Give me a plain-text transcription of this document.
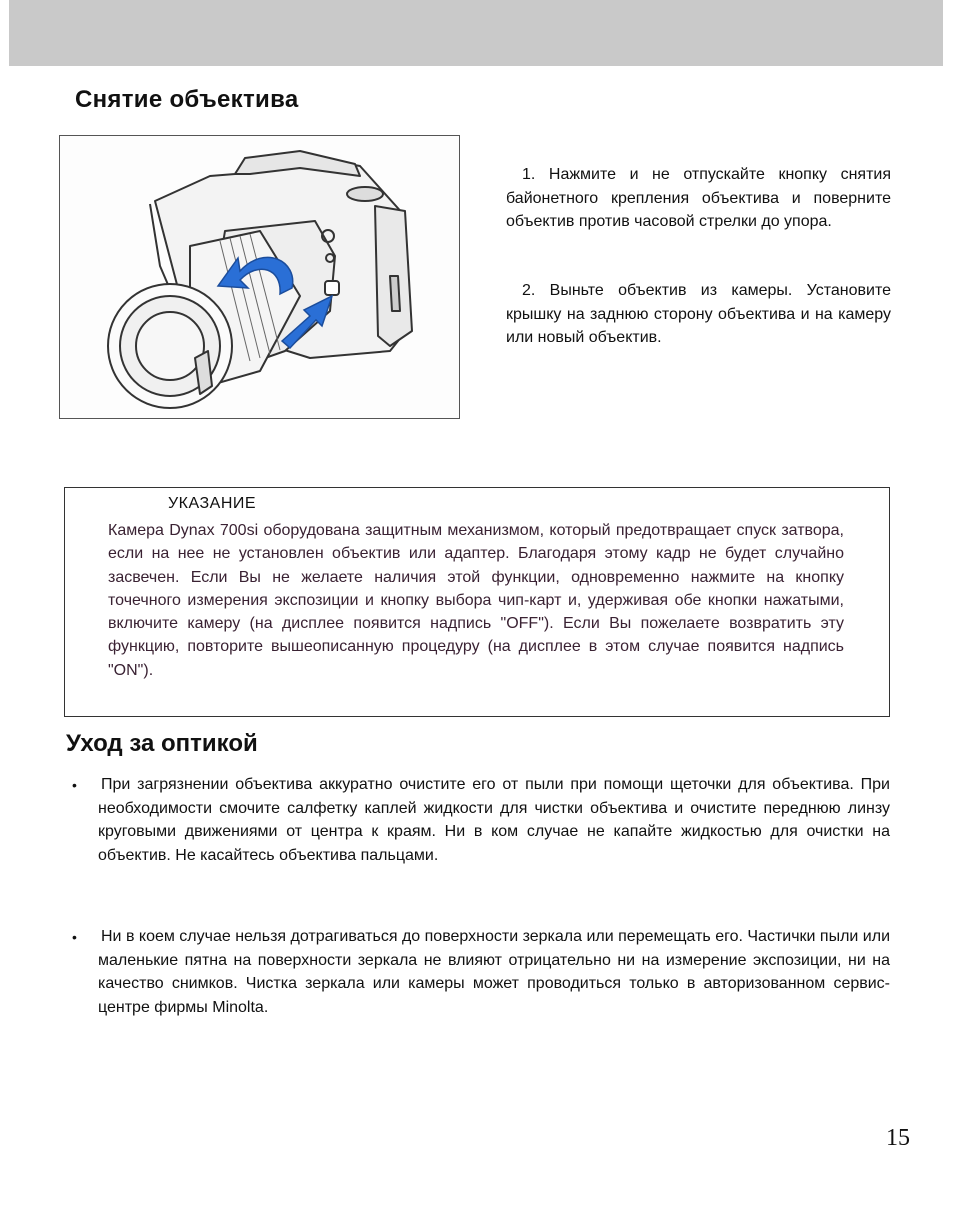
Снятие объектива

1. Нажмите и не отпускайте кнопку снятия байонетного крепления объектива и поверните объектив против часовой стрелки до упора.

2. Выньте объектив из камеры. Установите крышку на заднюю сторону объектива и на камеру или новый объектив.

УКАЗАНИЕ

Камера Dynax 700si оборудована защитным механизмом, который предотвращает спуск затвора, если на нее не установлен объектив или адаптер. Благодаря этому кадр не будет случайно засвечен. Если Вы не желаете наличия этой функции, одновременно нажмите на кнопку точечного измерения экспозиции и кнопку выбора чип-карт и, удерживая обе кнопки нажатыми, включите камеру (на дисплее появится надпись "OFF"). Если Вы пожелаете возвратить эту функцию, повторите вышеописанную процедуру (на дисплее в этом случае появится надпись "ON").

Уход за оптикой
• При загрязнении объектива аккуратно очистите его от пыли при помощи щеточки для объектива. При необходимости смочите салфетку каплей жидкости для чистки объектива и очистите переднюю линзу круговыми движениями от центра к краям. Ни в ком случае не капайте жидкостью для очистки на объектив. Не касайтесь объектива пальцами.

• Ни в коем случае нельзя дотрагиваться до поверхности зеркала или перемещать его. Частички пыли или маленькие пятна на поверхности зеркала не влияют отрицательно ни на измерение экспозиции, ни на качество снимков. Чистка зеркала или камеры может проводиться только в авторизованном сервис-центре фирмы Minolta.

15
